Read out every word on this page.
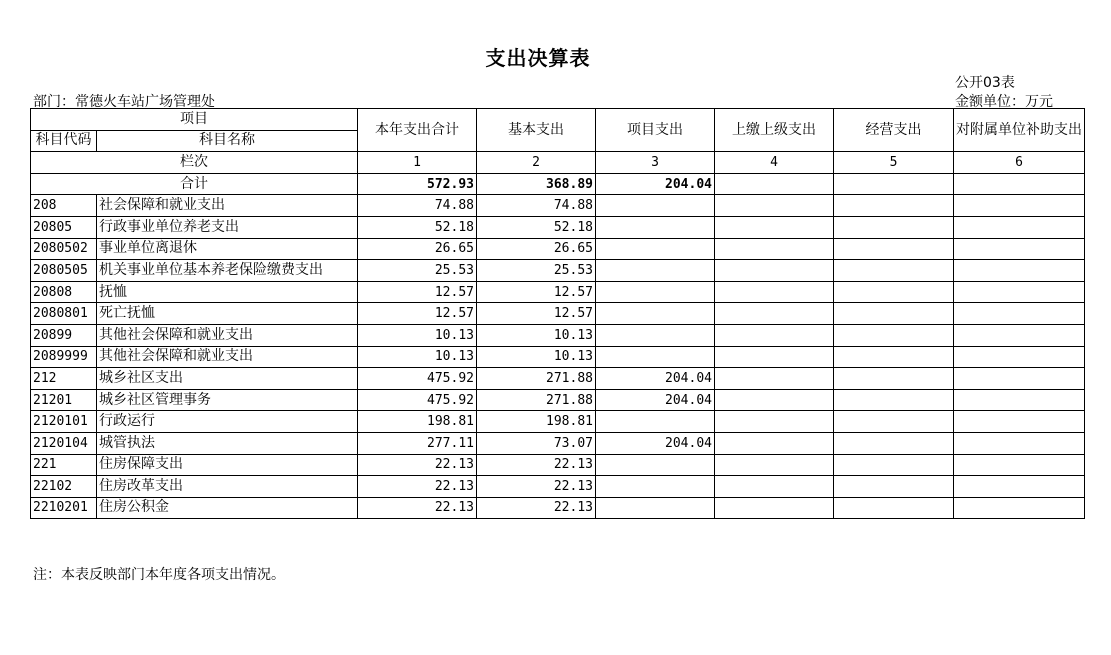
支出决算表
公开03表
金额单位：万元
部门：常德火车站广场管理处
项目		本年支出合计	基本支出	项目支出	上缴上级支出	经营支出	对附属单位补助支出
科目代码	科目名称						

栏次		1	2	3	4	5	6
合计		572.93	368.89	204.04			
208	社会保障和就业支出	74.88	74.88				
20805	行政事业单位养老支出	52.18	52.18				
2080502	事业单位离退休	26.65	26.65				
2080505	机关事业单位基本养老保险缴费支出	25.53	25.53				
20808	抚恤	12.57	12.57				
2080801	死亡抚恤	12.57	12.57				
20899	其他社会保障和就业支出	10.13	10.13				
2089999	其他社会保障和就业支出	10.13	10.13				
212	城乡社区支出	475.92	271.88	204.04			
21201	城乡社区管理事务	475.92	271.88	204.04			
2120101	行政运行	198.81	198.81				
2120104	城管执法	277.11	73.07	204.04			
221	住房保障支出	22.13	22.13				
22102	住房改革支出	22.13	22.13				
2210201	住房公积金	22.13	22.13				
注：本表反映部门本年度各项支出情况。
